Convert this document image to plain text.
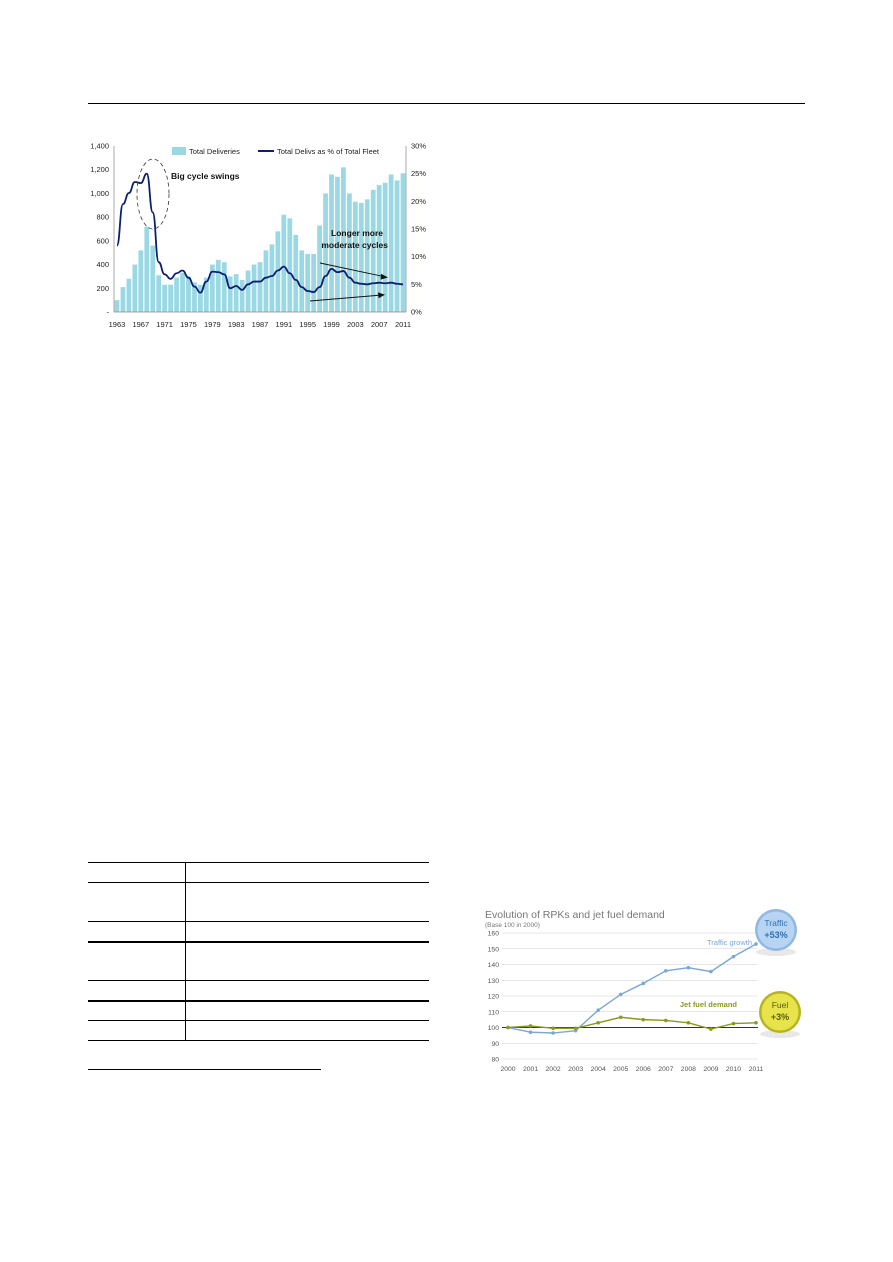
1,400
1,200
1,000
800
600
400
200
-
30%
25%
20%
15%
10%
5%
0%
1963 1967 1971 1975 1979 1983 1987 1991 1995 1999 2003 2007 2011
Total Deliveries	Total Delivs as % of Total Fleet
Big cycle swings
Longer more
moderate cycles
Evolution of RPKs and jet fuel demand
(Base 100 in 2000)
160
150
140
130
120
110
100
90
80
2000 2001 2002 2003 2004 2005 2006 2007 2008 2009 2010 2011
Traffic growth
Jet fuel demand
Traffic
+53%
Fuel
+3%
